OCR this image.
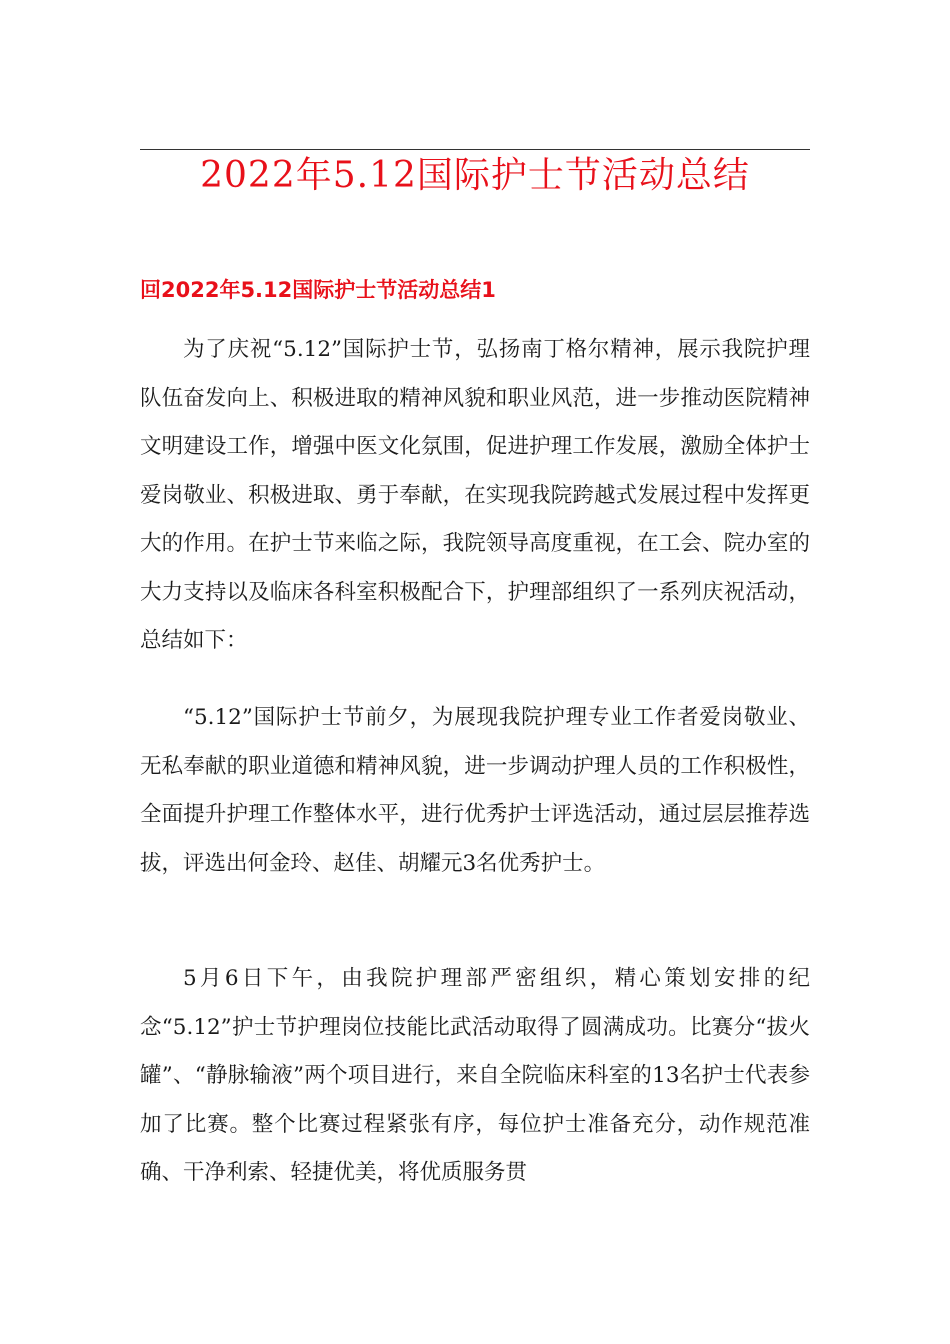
2022年5.12国际护士节活动总结
回2022年5.12国际护士节活动总结1

为了庆祝“5.12”国际护士节，弘扬南丁格尔精神，展示我院护理队伍奋发向上、积极进取的精神风貌和职业风范，进一步推动医院精神文明建设工作，增强中医文化氛围，促进护理工作发展，激励全体护士爱岗敬业、积极进取、勇于奉献，在实现我院跨越式发展过程中发挥更大的作用。在护士节来临之际，我院领导高度重视，在工会、院办室的大力支持以及临床各科室积极配合下，护理部组织了一系列庆祝活动，总结如下：

“5.12”国际护士节前夕，为展现我院护理专业工作者爱岗敬业、无私奉献的职业道德和精神风貌，进一步调动护理人员的工作积极性，全面提升护理工作整体水平，进行优秀护士评选活动，通过层层推荐选拔，评选出何金玲、赵佳、胡耀元3名优秀护士。

5月6日下午，由我院护理部严密组织，精心策划安排的纪念“5.12”护士节护理岗位技能比武活动取得了圆满成功。比赛分“拔火罐”、“静脉输液”两个项目进行，来自全院临床科室的13名护士代表参加了比赛。整个比赛过程紧张有序，每位护士准备充分，动作规范准确、干净利索、轻捷优美，将优质服务贯
